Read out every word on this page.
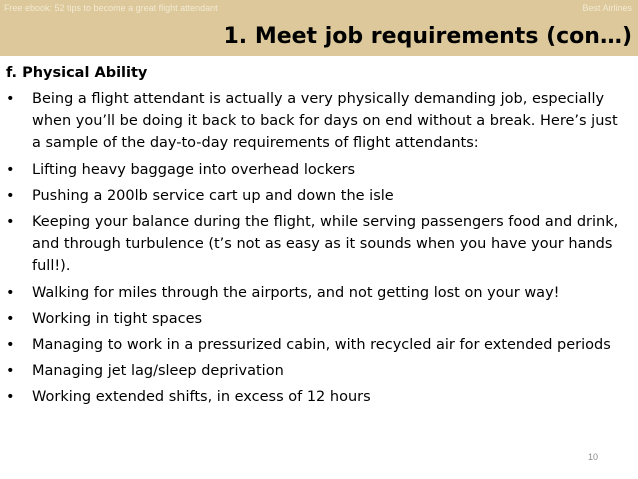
Free ebook: 52 tips to become a great flight attendant	Best Airlines
1. Meet job requirements (con…)
f. Physical Ability
•	Being a flight attendant is actually a very physically demanding job, especially when you’ll be doing it back to back for days on end without a break. Here’s just a sample of the day-to-day requirements of flight attendants:
•	Lifting heavy baggage into overhead lockers
•	Pushing a 200lb service cart up and down the isle
•	Keeping your balance during the flight, while serving passengers food and drink, and through turbulence (t’s not as easy as it sounds when you have your hands full!).
•	Walking for miles through the airports, and not getting lost on your way!
•	Working in tight spaces
•	Managing to work in a pressurized cabin, with recycled air for extended periods
•	Managing jet lag/sleep deprivation
•	Working extended shifts, in excess of 12 hours
10
